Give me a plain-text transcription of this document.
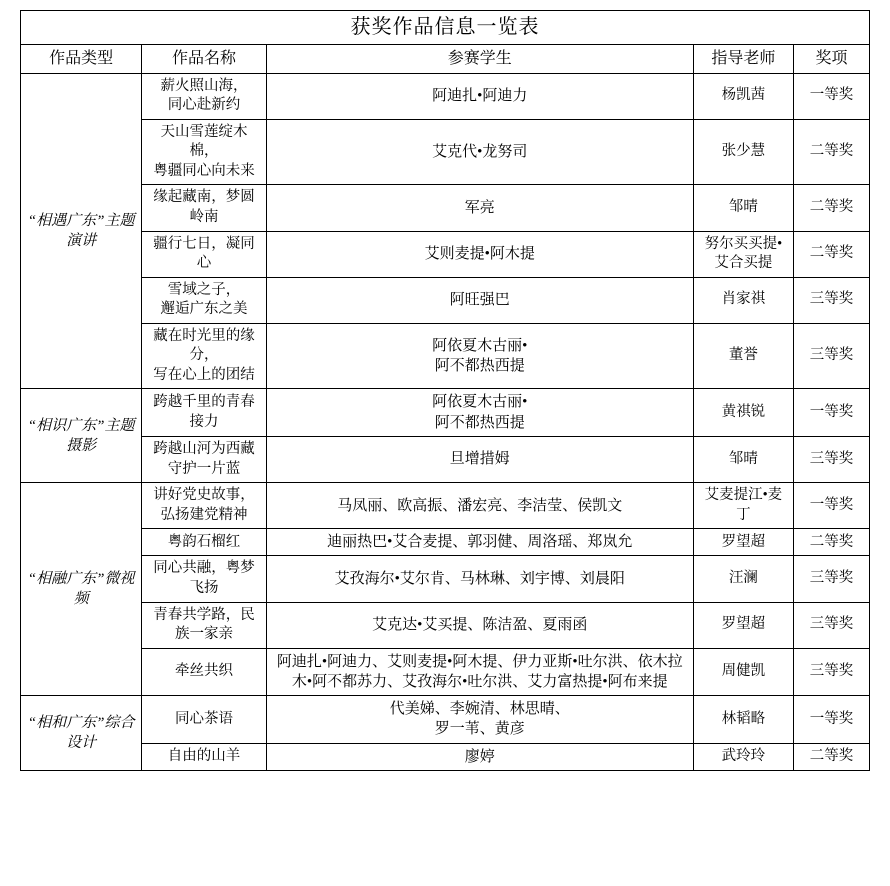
获奖作品信息一览表				
作品类型	作品名称	参赛学生	指导老师	奖项
“相遇广东”主题演讲	薪火照山海，
同心赴新约	阿迪扎•阿迪力	杨凯茜	一等奖
	天山雪莲绽木棉，
粤疆同心向未来	艾克代•龙努司	张少慧	二等奖
	缘起藏南，梦圆岭南	军亮	邹晴	二等奖
	疆行七日，凝同心	艾则麦提•阿木提	努尔买买提•
艾合买提	二等奖
	雪域之子，
邂逅广东之美	阿旺强巴	肖家祺	三等奖
	藏在时光里的缘分，
写在心上的团结	阿依夏木古丽•
阿不都热西提	董誉	三等奖
“相识广东”主题摄影	跨越千里的青春接力	阿依夏木古丽•
阿不都热西提	黄祺锐	一等奖
	跨越山河为西藏守护一片蓝	旦增措姆	邹晴	三等奖
“相融广东”微视频	讲好党史故事，弘扬建党精神	马凤丽、欧高振、潘宏亮、李洁莹、侯凯文	艾麦提江•麦丁	一等奖
	粤韵石榴红	迪丽热巴•艾合麦提、郭羽健、周洛瑶、郑岚允	罗望超	二等奖
	同心共融，粤梦飞扬	艾孜海尔•艾尔肯、马林琳、刘宇博、刘晨阳	汪澜	三等奖
	青春共学路，民族一家亲	艾克达•艾买提、陈洁盈、夏雨函	罗望超	三等奖
	牵丝共织	阿迪扎•阿迪力、艾则麦提•阿木提、伊力亚斯•吐尔洪、依木拉木•阿不都苏力、艾孜海尔•吐尔洪、艾力富热提•阿布来提	周健凯	三等奖
“相和广东”综合设计	同心茶语	代美娣、李婉清、林思晴、
罗一苇、黄彦	林韬略	一等奖
	自由的山羊	廖婷	武玲玲	二等奖
